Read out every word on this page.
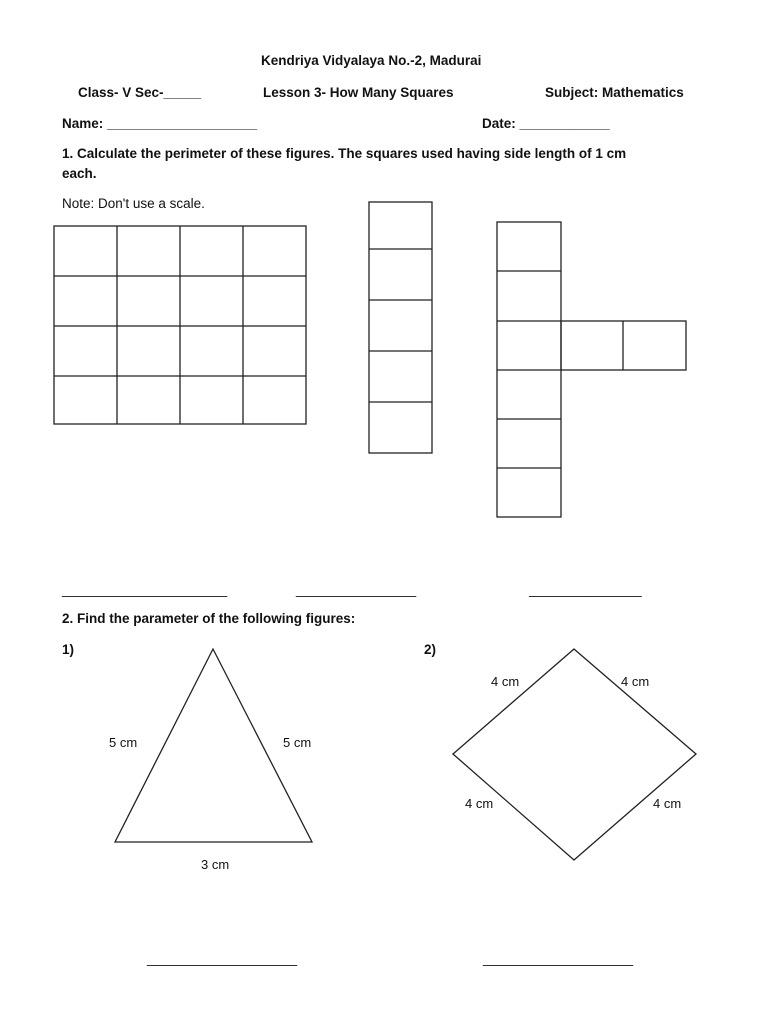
Kendriya Vidyalaya No.-2, Madurai
Class- V Sec-_____	Lesson 3- How Many Squares	Subject: Mathematics
Name: ____________________	Date: ____________
1. Calculate the perimeter of these figures. The squares used having side length of 1 cm
each.
Note: Don't use a scale.
5 cm	5 cm
3 cm
4 cm	4 cm
4 cm	4 cm
______________________	________________	_______________
2. Find the parameter of the following figures:
1)	2)
____________________	____________________
